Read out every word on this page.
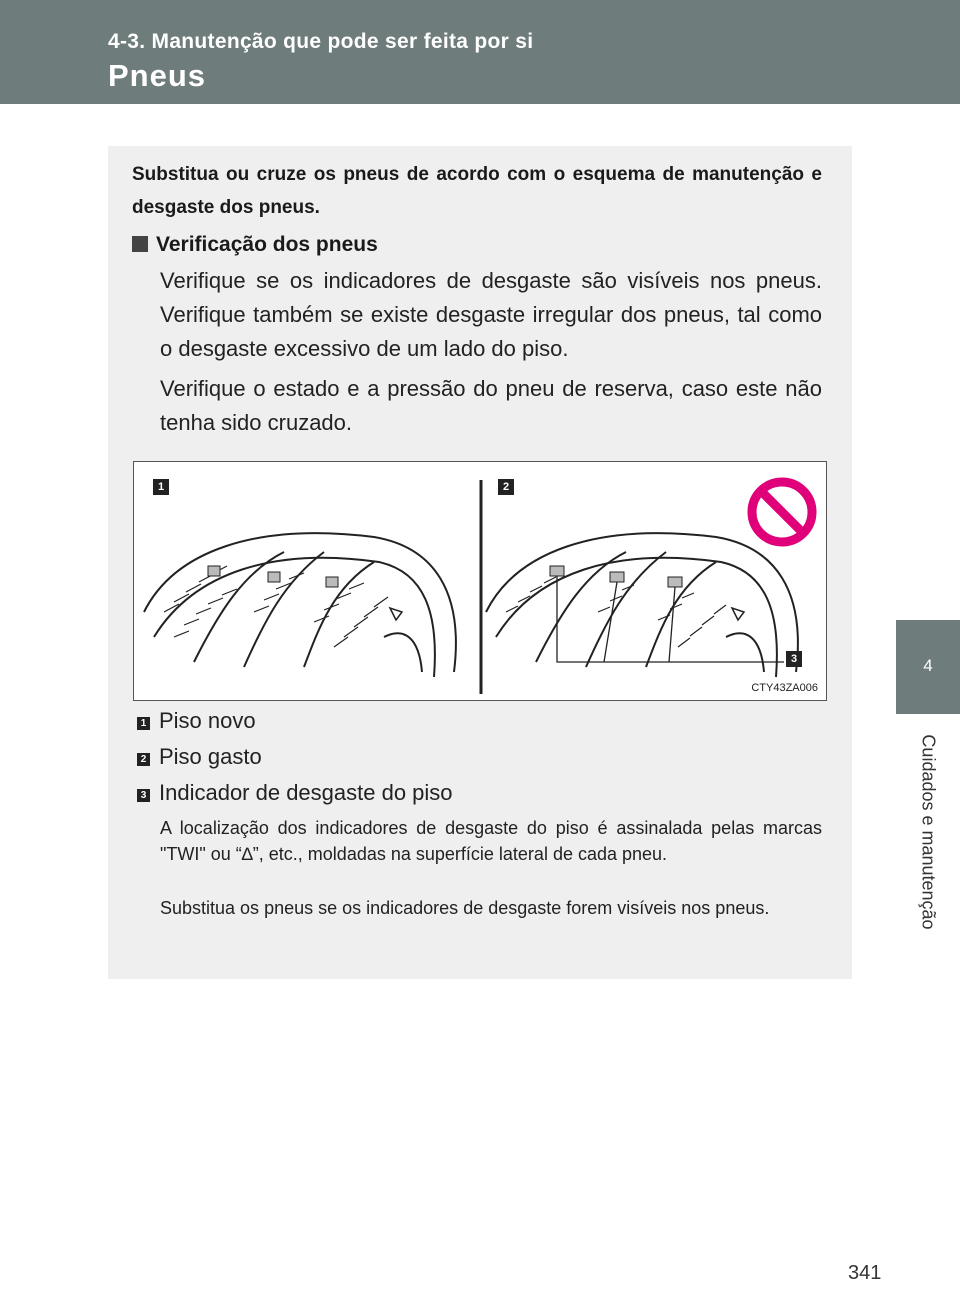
4-3. Manutenção que pode ser feita por si
Pneus
4
Cuidados e manutenção
Substitua ou cruze os pneus de acordo com o esquema de manutenção e desgaste dos pneus.
Verificação dos pneus
Verifique se os indicadores de desgaste são visíveis nos pneus. Verifique também se existe desgaste irregular dos pneus, tal como o desgaste excessivo de um lado do piso.
Verifique o estado e a pressão do pneu de reserva, caso este não tenha sido cruzado.
1	2
3
CTY43ZA006
1 Piso novo
2 Piso gasto
3 Indicador de desgaste do piso
A localização dos indicadores de desgaste do piso é assinalada pelas marcas "TWI" ou “∆”, etc., moldadas na superfície lateral de cada pneu.
Substitua os pneus se os indicadores de desgaste forem visíveis nos pneus.
341
